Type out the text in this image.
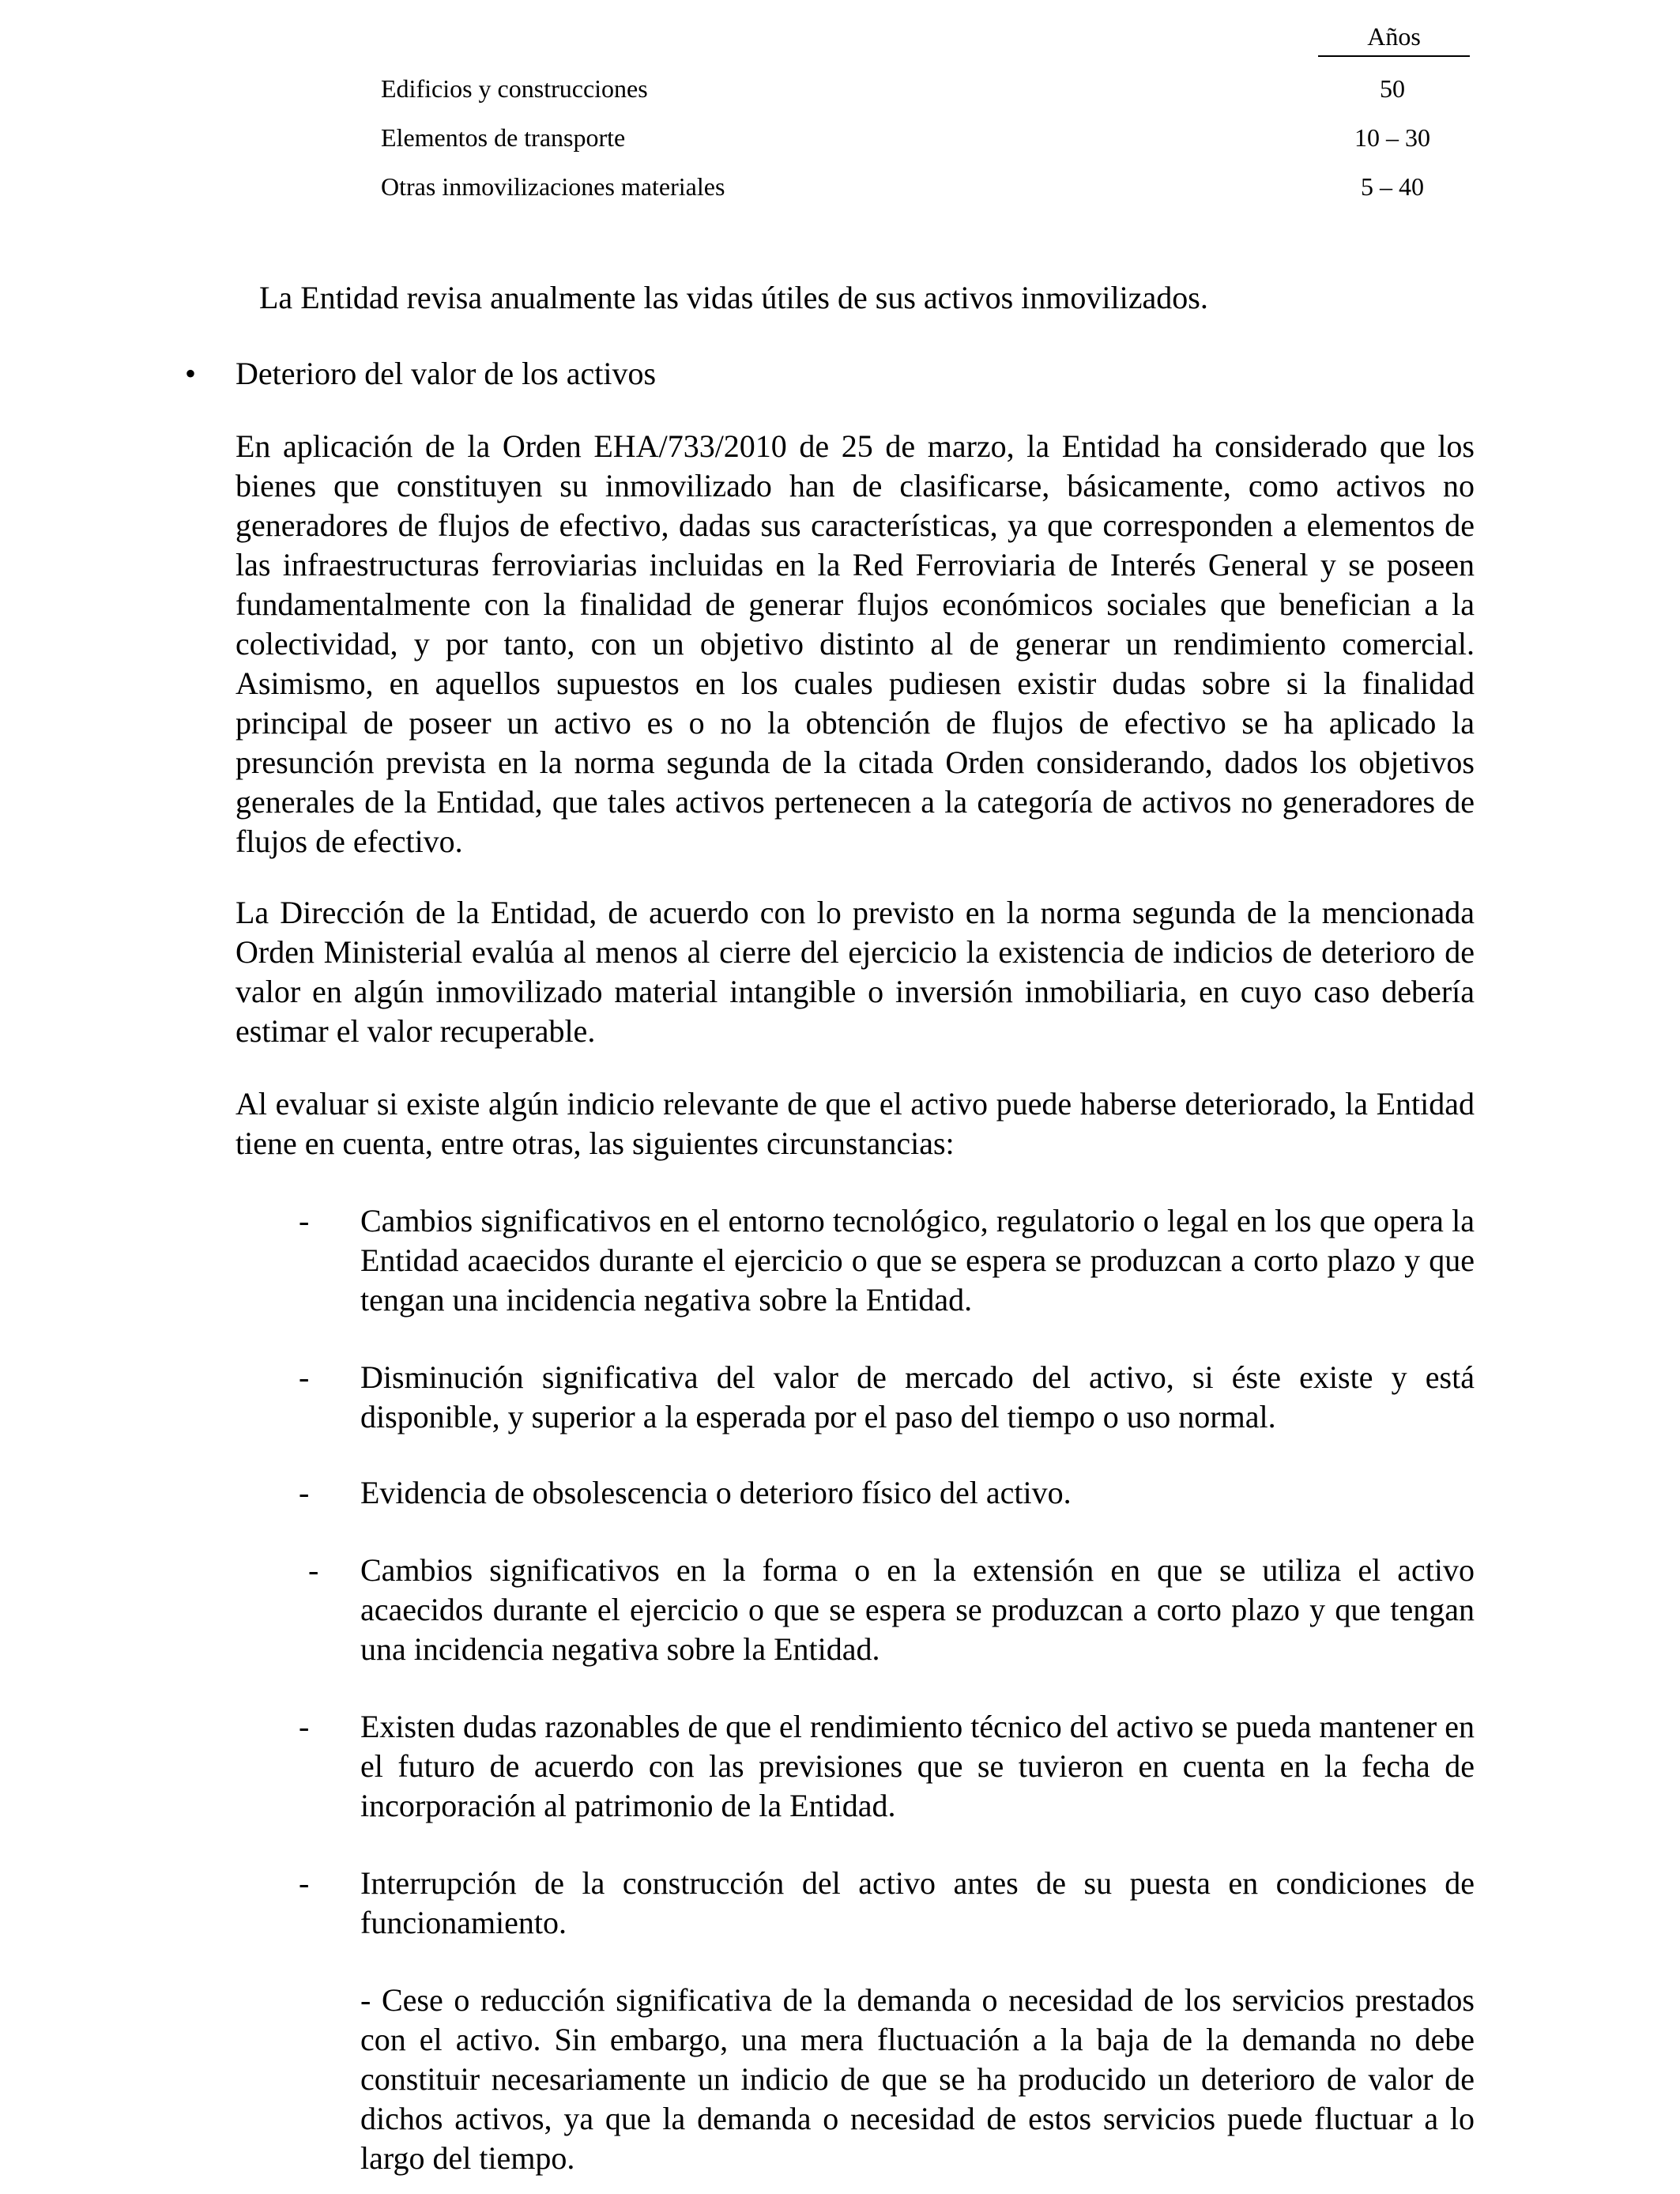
Años
Edificios y construcciones	50
Elementos de transporte	10 – 30
Otras inmovilizaciones materiales	5 – 40

La Entidad revisa anualmente las vidas útiles de sus activos inmovilizados.

• Deterioro del valor de los activos

En aplicación de la Orden EHA/733/2010 de 25 de marzo, la Entidad ha considerado que los bienes que constituyen su inmovilizado han de clasificarse, básicamente, como activos no generadores de flujos de efectivo, dadas sus características, ya que corresponden a elementos de las infraestructuras ferroviarias incluidas en la Red Ferroviaria de Interés General y se poseen fundamentalmente con la finalidad de generar flujos económicos sociales que benefician a la colectividad, y por tanto, con un objetivo distinto al de generar un rendimiento comercial. Asimismo, en aquellos supuestos en los cuales pudiesen existir dudas sobre si la finalidad principal de poseer un activo es o no la obtención de flujos de efectivo se ha aplicado la presunción prevista en la norma segunda de la citada Orden considerando, dados los objetivos generales de la Entidad, que tales activos pertenecen a la categoría de activos no generadores de flujos de efectivo.

La Dirección de la Entidad, de acuerdo con lo previsto en la norma segunda de la mencionada Orden Ministerial evalúa al menos al cierre del ejercicio la existencia de indicios de deterioro de valor en algún inmovilizado material intangible o inversión inmobiliaria, en cuyo caso debería estimar el valor recuperable.

Al evaluar si existe algún indicio relevante de que el activo puede haberse deteriorado, la Entidad tiene en cuenta, entre otras, las siguientes circunstancias:

- Cambios significativos en el entorno tecnológico, regulatorio o legal en los que opera la Entidad acaecidos durante el ejercicio o que se espera se produzcan a corto plazo y que tengan una incidencia negativa sobre la Entidad.

- Disminución significativa del valor de mercado del activo, si éste existe y está disponible, y superior a la esperada por el paso del tiempo o uso normal.

- Evidencia de obsolescencia o deterioro físico del activo.

- Cambios significativos en la forma o en la extensión en que se utiliza el activo acaecidos durante el ejercicio o que se espera se produzcan a corto plazo y que tengan una incidencia negativa sobre la Entidad.

- Existen dudas razonables de que el rendimiento técnico del activo se pueda mantener en el futuro de acuerdo con las previsiones que se tuvieron en cuenta en la fecha de incorporación al patrimonio de la Entidad.

- Interrupción de la construcción del activo antes de su puesta en condiciones de funcionamiento.

- Cese o reducción significativa de la demanda o necesidad de los servicios prestados con el activo. Sin embargo, una mera fluctuación a la baja de la demanda no debe constituir necesariamente un indicio de que se ha producido un deterioro de valor de dichos activos, ya que la demanda o necesidad de estos servicios puede fluctuar a lo largo del tiempo.
